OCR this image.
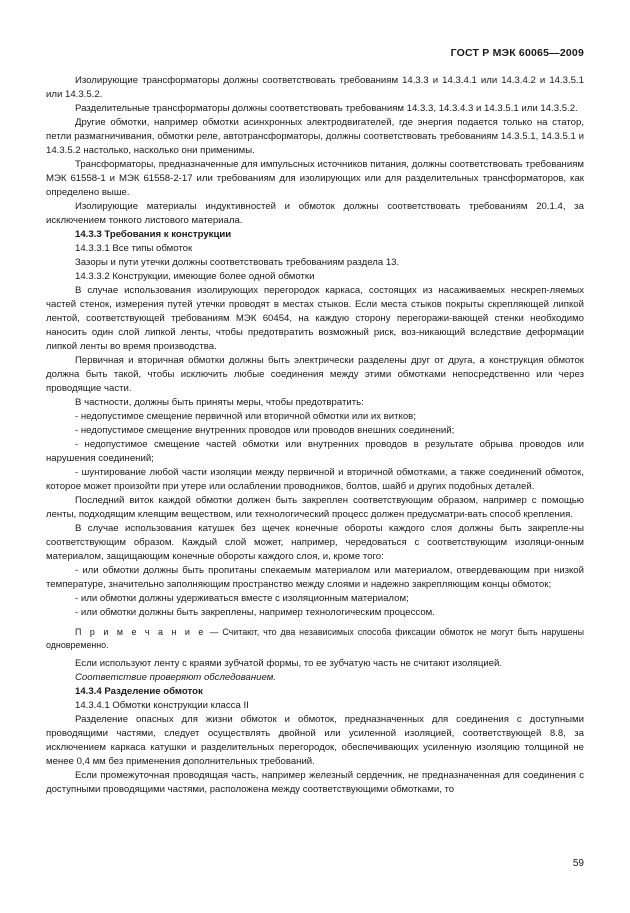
ГОСТ Р МЭК 60065—2009

Изолирующие трансформаторы должны соответствовать требованиям 14.3.3 и 14.3.4.1 или 14.3.4.2 и 14.3.5.1 или 14.3.5.2.

Разделительные трансформаторы должны соответствовать требованиям 14.3.3, 14.3.4.3 и 14.3.5.1 или 14.3.5.2.

Другие обмотки, например обмотки асинхронных электродвигателей, где энергия подается только на статор, петли размагничивания, обмотки реле, автотрансформаторы, должны соответствовать требованиям 14.3.5.1, 14.3.5.1 и 14.3.5.2 настолько, насколько они применимы.

Трансформаторы, предназначенные для импульсных источников питания, должны соответствовать требованиям МЭК 61558-1 и МЭК 61558-2-17 или требованиям для изолирующих или для разделительных трансформаторов, как определено выше.

Изолирующие материалы индуктивностей и обмоток должны соответствовать требованиям 20.1.4, за исключением тонкого листового материала.

14.3.3 Требования к конструкции

14.3.3.1 Все типы обмоток

Зазоры и пути утечки должны соответствовать требованиям раздела 13.

14.3.3.2 Конструкции, имеющие более одной обмотки

В случае использования изолирующих перегородок каркаса, состоящих из насаживаемых нескреп-ляемых частей стенок, измерения путей утечки проводят в местах стыков. Если места стыков покрыты скрепляющей липкой лентой, соответствующей требованиям МЭК 60454, на каждую сторону перегоражи-вающей стенки необходимо наносить один слой липкой ленты, чтобы предотвратить возможный риск, воз-никающий вследствие деформации липкой ленты во время производства.

Первичная и вторичная обмотки должны быть электрически разделены друг от друга, а конструкция обмоток должна быть такой, чтобы исключить любые соединения между этими обмотками непосредственно или через проводящие части.

В частности, должны быть приняты меры, чтобы предотвратить:

- недопустимое смещение первичной или вторичной обмотки или их витков;

- недопустимое смещение внутренних проводов или проводов внешних соединений;

- недопустимое смещение частей обмотки или внутренних проводов в результате обрыва проводов или нарушения соединений;

- шунтирование любой части изоляции между первичной и вторичной обмотками, а также соединений обмоток, которое может произойти при утере или ослаблении проводников, болтов, шайб и других подобных деталей.

Последний виток каждой обмотки должен быть закреплен соответствующим образом, например с помощью ленты, подходящим клеящим веществом, или технологический процесс должен предусматри-вать способ крепления.

В случае использования катушек без щечек конечные обороты каждого слоя должны быть закрепле-ны соответствующим образом. Каждый слой может, например, чередоваться с соответствующим изоляци-онным материалом, защищающим конечные обороты каждого слоя, и, кроме того:

- или обмотки должны быть пропитаны спекаемым материалом или материалом, отвердевающим при низкой температуре, значительно заполняющим пространство между слоями и надежно закрепляющим концы обмоток;

- или обмотки должны удерживаться вместе с изоляционным материалом;

- или обмотки должны быть закреплены, например технологическим процессом.

П р и м е ч а н и е — Считают, что два независимых способа фиксации обмоток не могут быть нарушены одновременно.

Если используют ленту с краями зубчатой формы, то ее зубчатую часть не считают изоляцией.

Соответствие проверяют обследованием.

14.3.4 Разделение обмоток

14.3.4.1 Обмотки конструкции класса II

Разделение опасных для жизни обмоток и обмоток, предназначенных для соединения с доступными проводящими частями, следует осуществлять двойной или усиленной изоляцией, соответствующей 8.8, за исключением каркаса катушки и разделительных перегородок, обеспечивающих усиленную изоляцию толщиной не менее 0,4 мм без применения дополнительных требований.

Если промежуточная проводящая часть, например железный сердечник, не предназначенная для соединения с доступными проводящими частями, расположена между соответствующими обмотками, то

59
